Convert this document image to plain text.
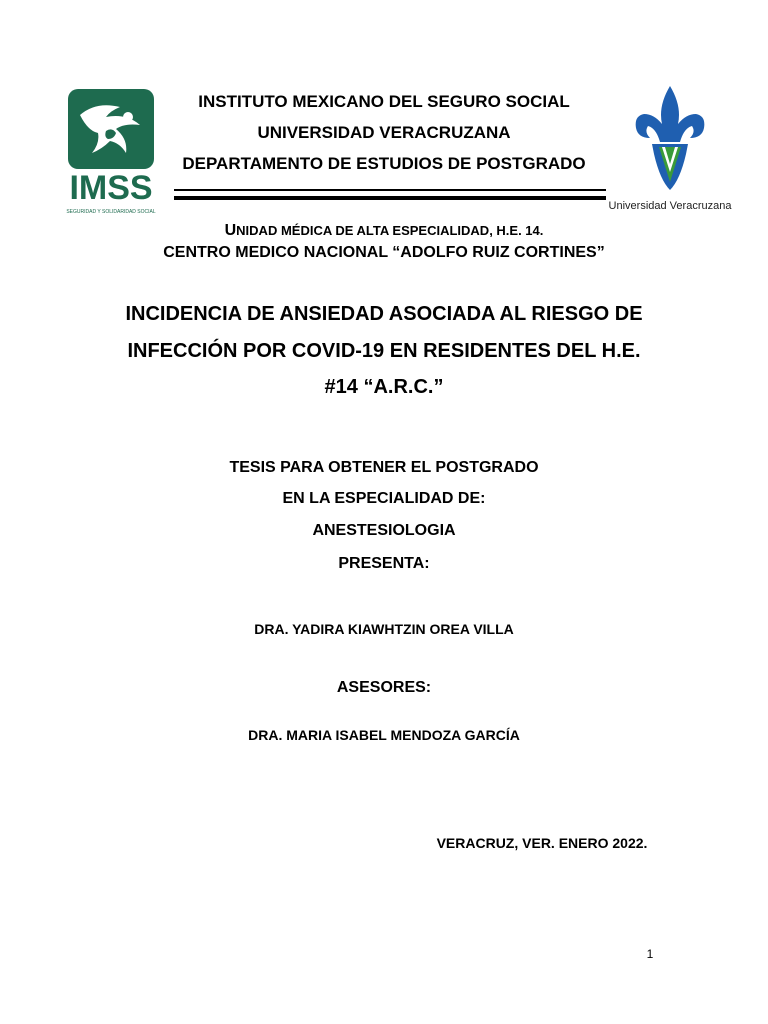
IMSS
SEGURIDAD Y SOLIDARIDAD SOCIAL	Universidad Veracruzana
INSTITUTO MEXICANO DEL SEGURO SOCIAL
UNIVERSIDAD VERACRUZANA
DEPARTAMENTO DE ESTUDIOS DE POSTGRADO
UNIDAD MÉDICA DE ALTA ESPECIALIDAD, H.E. 14.
CENTRO MEDICO NACIONAL “ADOLFO RUIZ CORTINES”
INCIDENCIA DE ANSIEDAD ASOCIADA AL RIESGO DE
INFECCIÓN POR COVID-19 EN RESIDENTES DEL H.E.
#14 “A.R.C.”
TESIS PARA OBTENER EL POSTGRADO
EN LA ESPECIALIDAD DE:
ANESTESIOLOGIA
PRESENTA:
DRA. YADIRA KIAWHTZIN OREA VILLA
ASESORES:
DRA. MARIA ISABEL MENDOZA GARCÍA
VERACRUZ, VER. ENERO 2022.
1
